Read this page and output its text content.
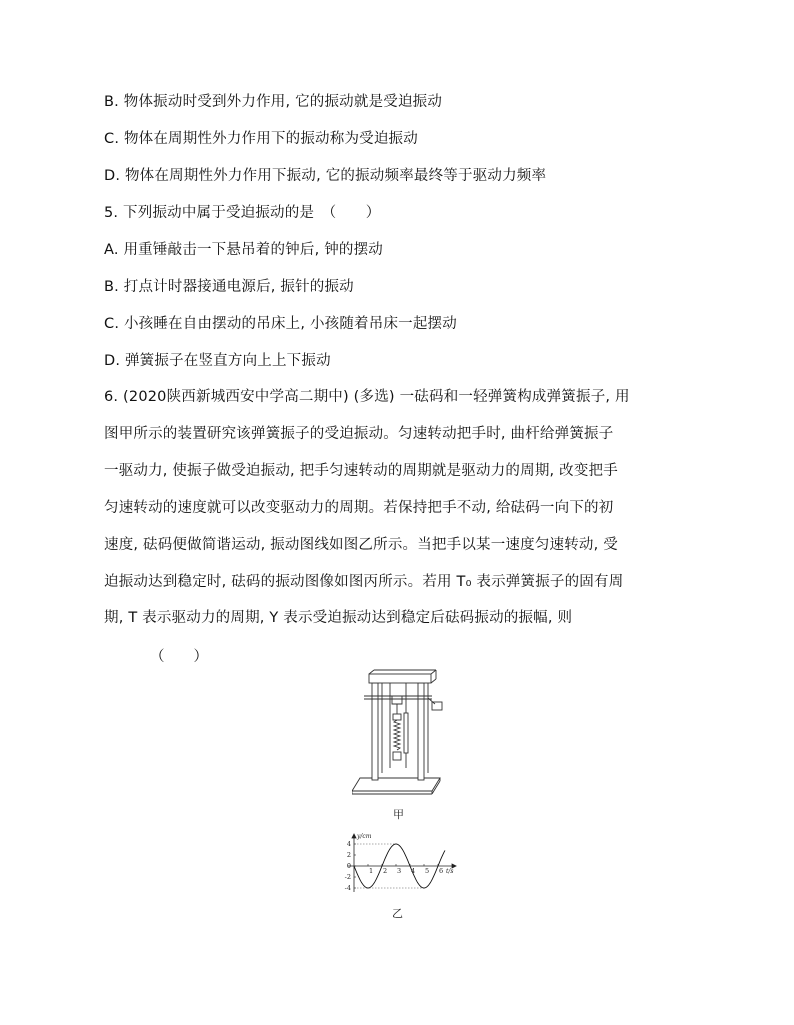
B. 物体振动时受到外力作用, 它的振动就是受迫振动
C. 物体在周期性外力作用下的振动称为受迫振动
D. 物体在周期性外力作用下振动, 它的振动频率最终等于驱动力频率
5. 下列振动中属于受迫振动的是　（　　）
A. 用重锤敲击一下悬吊着的钟后, 钟的摆动
B. 打点计时器接通电源后, 振针的振动
C. 小孩睡在自由摆动的吊床上, 小孩随着吊床一起摆动
D. 弹簧振子在竖直方向上上下振动
6. (2020陕西新城西安中学高二期中) (多选) 一砝码和一轻弹簧构成弹簧振子, 用
图甲所示的装置研究该弹簧振子的受迫振动。匀速转动把手时, 曲杆给弹簧振子
一驱动力, 使振子做受迫振动, 把手匀速转动的周期就是驱动力的周期, 改变把手
匀速转动的速度就可以改变驱动力的周期。若保持把手不动, 给砝码一向下的初
速度, 砝码便做简谐运动, 振动图线如图乙所示。当把手以某一速度匀速转动, 受
迫振动达到稳定时, 砝码的振动图像如图丙所示。若用 T₀ 表示弹簧振子的固有周
期, T 表示驱动力的周期, Y 表示受迫振动达到稳定后砝码振动的振幅, 则
（　　）
甲
y/cm
t/s
1 2 3 4 5 6
4
2
0
-2
-4
乙
